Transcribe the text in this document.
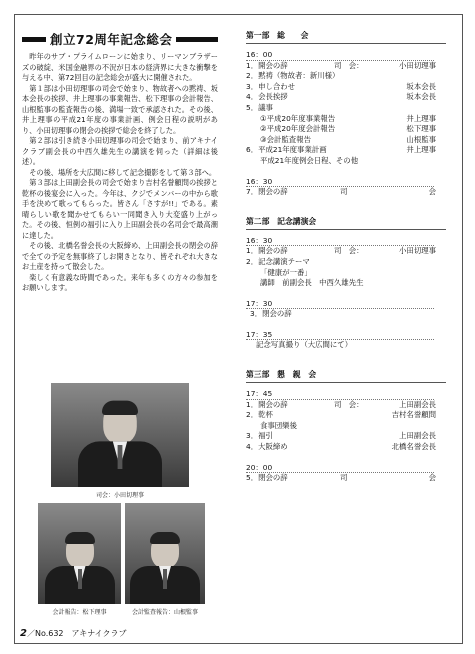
創立72周年記念総会

昨年のサブ・プライムローンに始まり、リーマンブラザーズの破綻、米国金融界の不況が日本の経済界に大きな衝撃を与える中、第72回目の記念総会が盛大に開催された。

第１部は小田切理事の司会で始まり、物故者への黙祷、坂本会長の挨拶、井上理事の事業報告、松下理事の会計報告、山根監事の監査報告の後、満場一致で承認された。その後、井上理事の平成21年度の事業計画、例会日程の説明があり、小田切理事の閉会の挨拶で総会を終了した。

第２部は引き続き小田切理事の司会で始まり、前アキナイクラブ副会長の中西久雄先生の講演を伺った（詳細は後述）。

その後、場所を大広間に移して記念撮影をして第３部へ。

第３部は上田副会長の司会で始まり吉村名誉顧問の挨拶と乾杯の後宴会に入った。今年は、クジでメンバーの中から歌手を決めて歌ってもらった。皆さん「さすが!!」である。素晴らしい歌を聞かせてもらい一同聞き入り大変盛り上がった。その後、恒例の福引に入り上田副会長の名司会で最高潮に達した。

その後、北橋名誉会長の大阪締め、上田副会長の閉会の辞で全ての予定を無事終了しお開きとなり、皆それぞれ大きなお土産を持って散会した。

楽しく有意義な時間であった。来年も多くの方々の参加をお願いします。

司会：小田切理事
会計報告：松下理事	会計監査報告：山根監事
第一部　総　　会
16：00
1．開会の辞	司　会：	小田切理事
2．黙祷（物故者：新川様）
3．申し合わせ	坂本会長
4．会長挨拶	坂本会長
5．議事
①平成20年度事業報告	井上理事
②平成20年度会計報告	松下理事
③会計監査報告	山根監事
6．平成21年度事業計画	井上理事
平成21年度例会日程、その他
16：30
7．閉会の辞	司	会
第二部　記念講演会
16：30
1．開会の辞	司　会：	小田切理事
2．記念講演テーマ
「健康が一番」
講師　前副会長　中西久雄先生
17：30
3．閉会の辞
17：35
記念写真撮り（大広間にて）
第三部　懇　親　会
17：45
1．開会の辞	司　会：	上田副会長
2．乾杯	吉村名誉顧問
食事団欒後
3．福引	上田副会長
4．大阪締め	北橋名誉会長
20：00
5．閉会の辞	司	会
2／No.632　アキナイクラブ
